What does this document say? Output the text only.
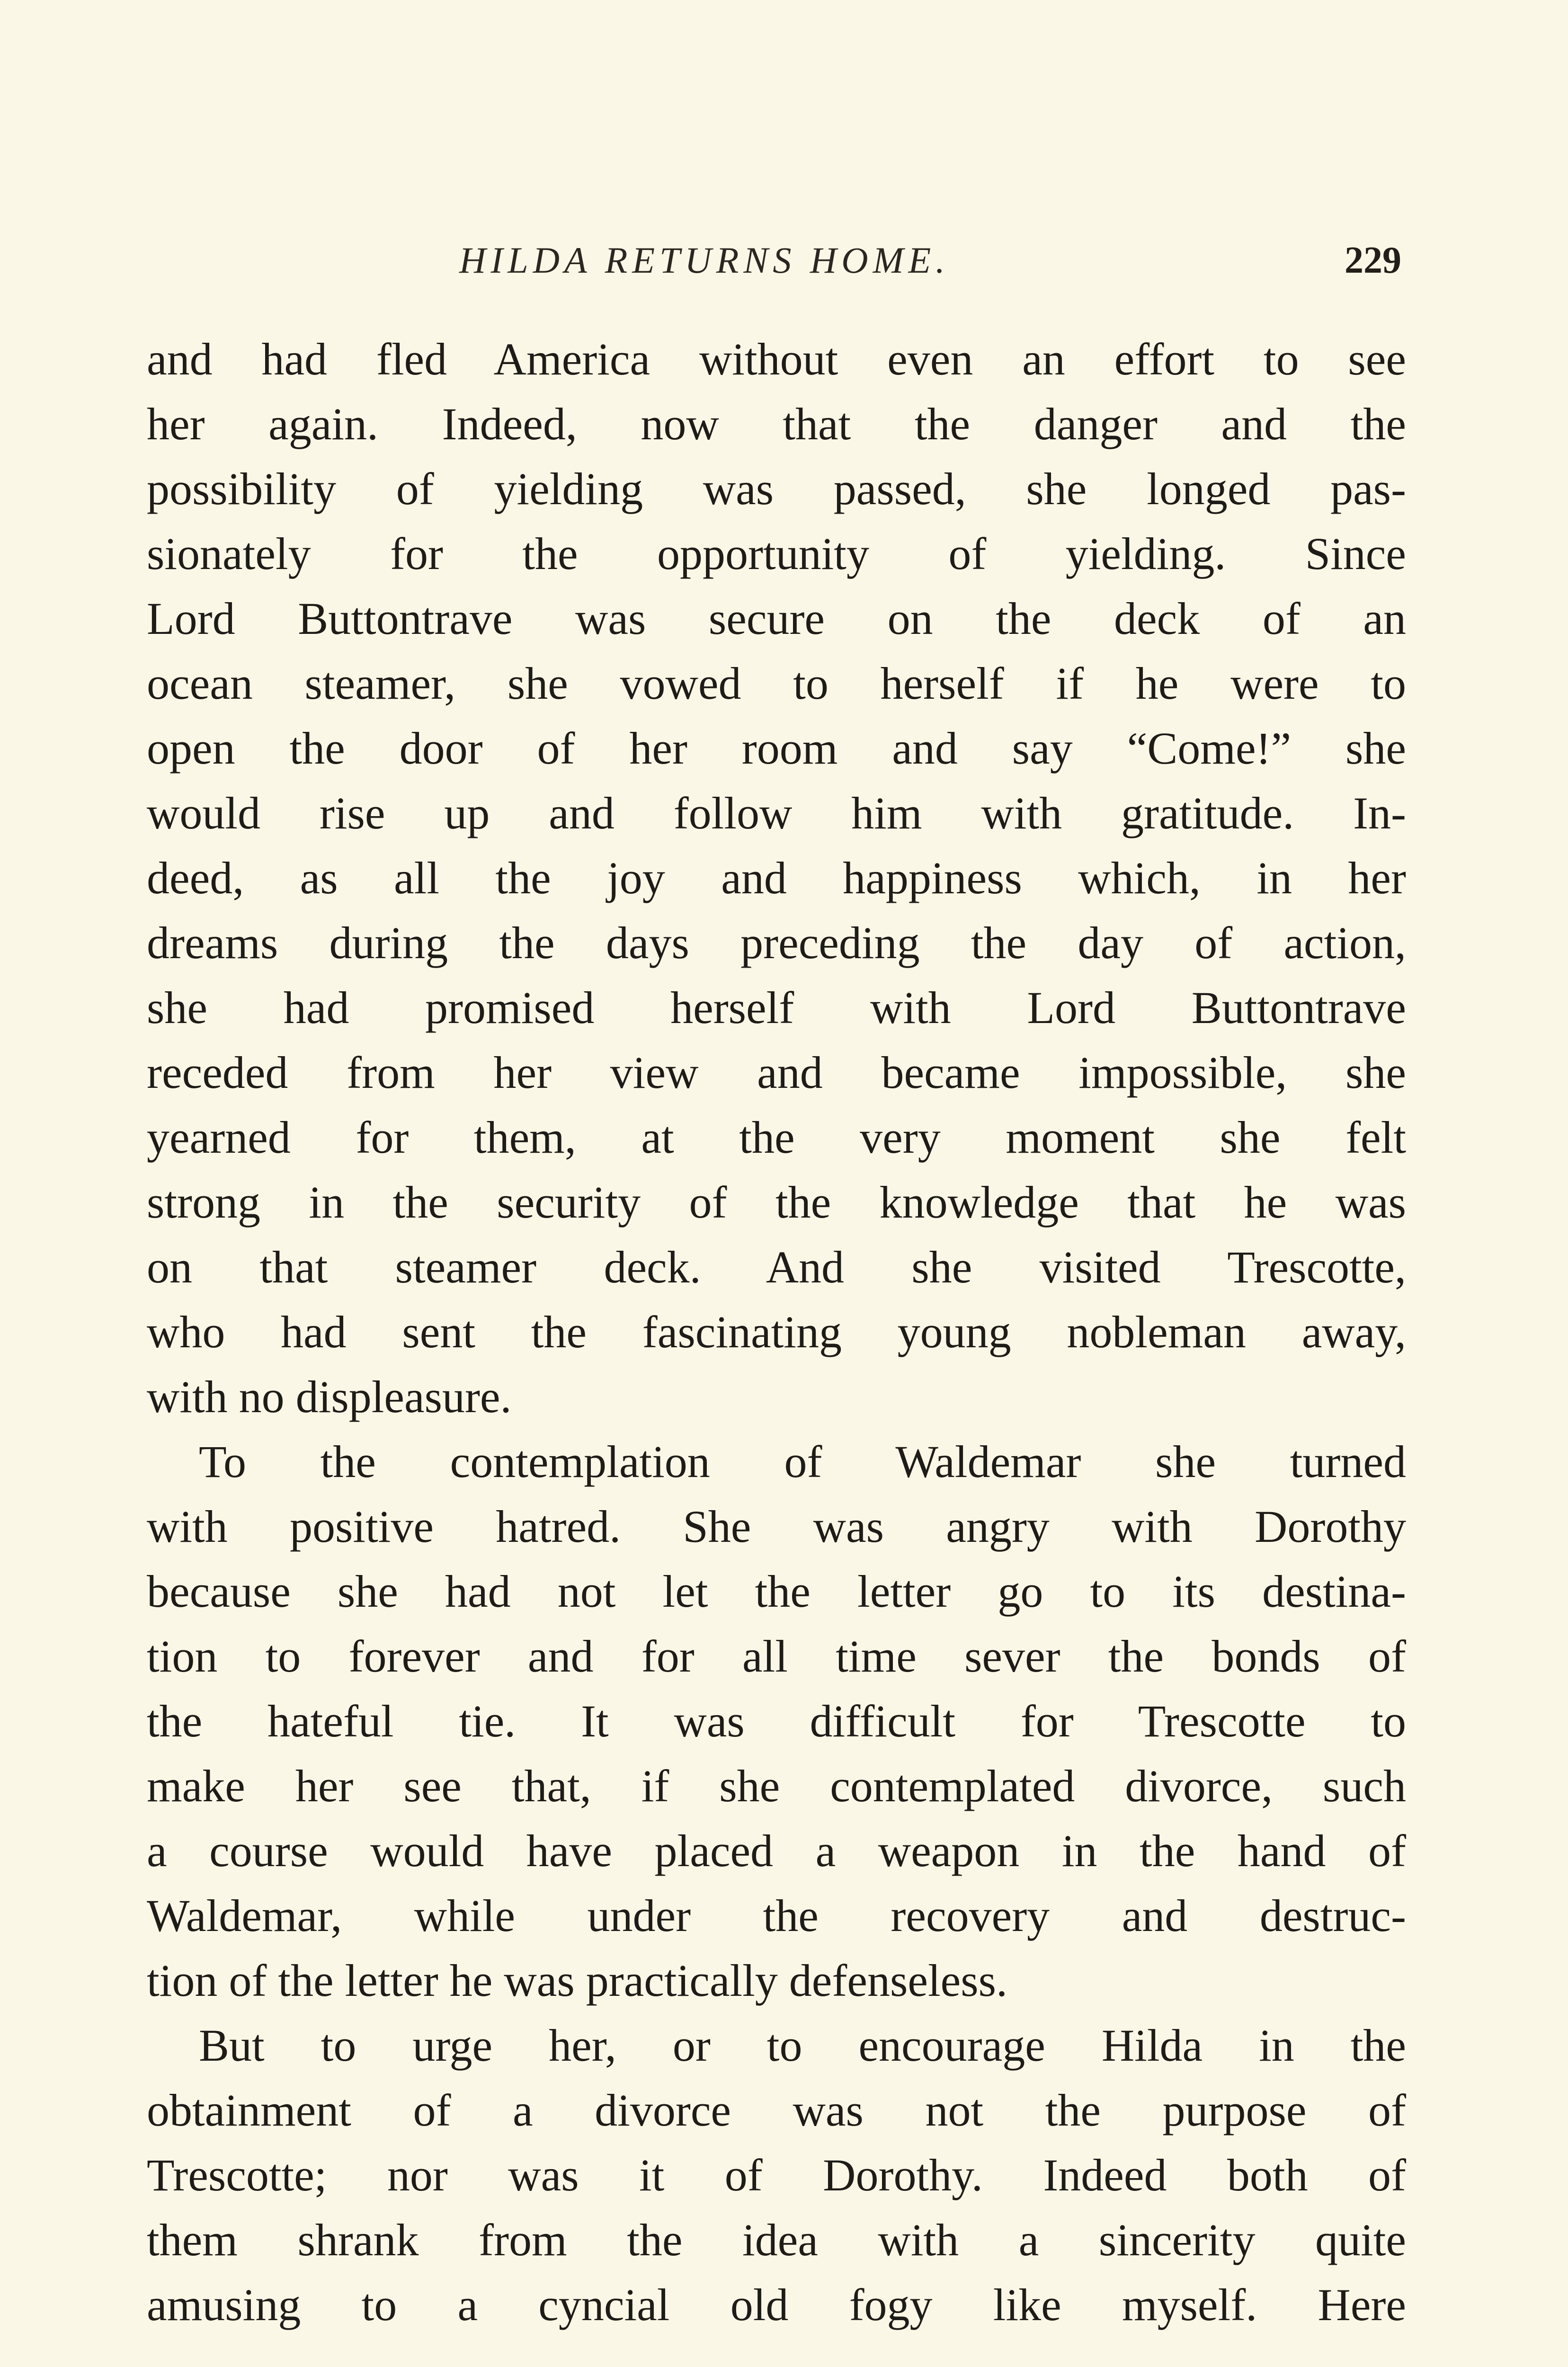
HILDA RETURNS HOME.	229
and had fled America without even an effort to see
her again. Indeed, now that the danger and the
possibility of yielding was passed, she longed pas-
sionately for the opportunity of yielding. Since
Lord Buttontrave was secure on the deck of an
ocean steamer, she vowed to herself if he were to
open the door of her room and say “Come!” she
would rise up and follow him with gratitude. In-
deed, as all the joy and happiness which, in her
dreams during the days preceding the day of action,
she had promised herself with Lord Buttontrave
receded from her view and became impossible, she
yearned for them, at the very moment she felt
strong in the security of the knowledge that he was
on that steamer deck. And she visited Trescotte,
who had sent the fascinating young nobleman away,
with no displeasure.
To the contemplation of Waldemar she turned
with positive hatred. She was angry with Dorothy
because she had not let the letter go to its destina-
tion to forever and for all time sever the bonds of
the hateful tie. It was difficult for Trescotte to
make her see that, if she contemplated divorce, such
a course would have placed a weapon in the hand of
Waldemar, while under the recovery and destruc-
tion of the letter he was practically defenseless.
But to urge her, or to encourage Hilda in the
obtainment of a divorce was not the purpose of
Trescotte; nor was it of Dorothy. Indeed both of
them shrank from the idea with a sincerity quite
amusing to a cyncial old fogy like myself. Here
